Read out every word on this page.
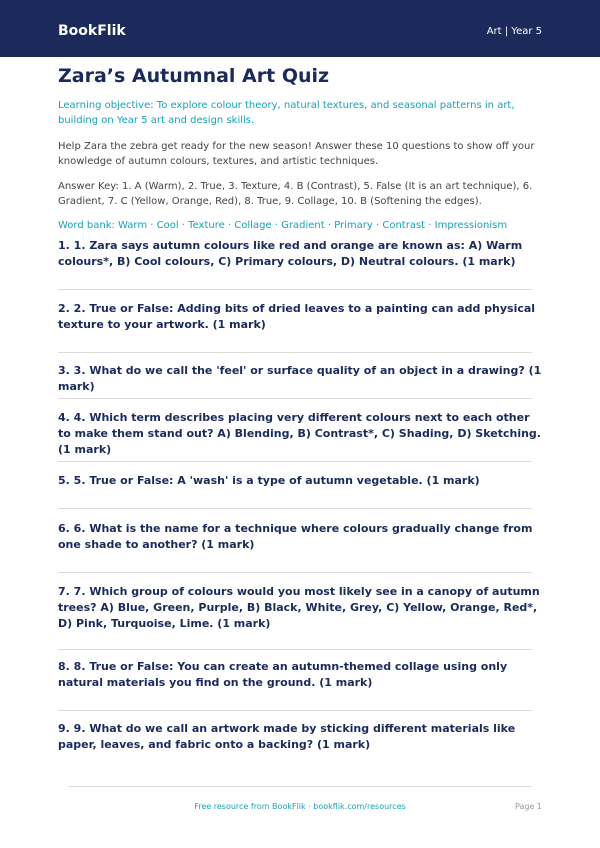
BookFlik	Art | Year 5
Zara’s Autumnal Art Quiz

Learning objective: To explore colour theory, natural textures, and seasonal patterns in art, building on Year 5 art and design skills.

Help Zara the zebra get ready for the new season! Answer these 10 questions to show off your knowledge of autumn colours, textures, and artistic techniques.

Answer Key: 1. A (Warm), 2. True, 3. Texture, 4. B (Contrast), 5. False (It is an art technique), 6. Gradient, 7. C (Yellow, Orange, Red), 8. True, 9. Collage, 10. B (Softening the edges).

Word bank: Warm · Cool · Texture · Collage · Gradient · Primary · Contrast · Impressionism

1. 1. Zara says autumn colours like red and orange are known as: A) Warm colours*, B) Cool colours, C) Primary colours, D) Neutral colours. (1 mark)
2. 2. True or False: Adding bits of dried leaves to a painting can add physical texture to your artwork. (1 mark)
3. 3. What do we call the 'feel' or surface quality of an object in a drawing? (1 mark)
4. 4. Which term describes placing very different colours next to each other to make them stand out? A) Blending, B) Contrast*, C) Shading, D) Sketching. (1 mark)
5. 5. True or False: A 'wash' is a type of autumn vegetable. (1 mark)
6. 6. What is the name for a technique where colours gradually change from one shade to another? (1 mark)
7. 7. Which group of colours would you most likely see in a canopy of autumn trees? A) Blue, Green, Purple, B) Black, White, Grey, C) Yellow, Orange, Red*, D) Pink, Turquoise, Lime. (1 mark)
8. 8. True or False: You can create an autumn-themed collage using only natural materials you find on the ground. (1 mark)
9. 9. What do we call an artwork made by sticking different materials like paper, leaves, and fabric onto a backing? (1 mark)
Free resource from BookFlik · bookflik.com/resources	Page 1
